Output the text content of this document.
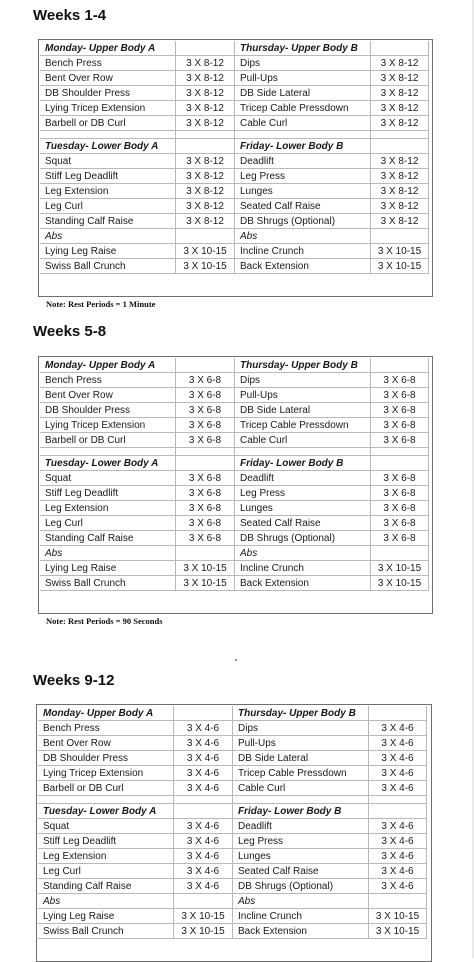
Weeks 1-4
Monday- Upper Body A	Thursday- Upper Body B
Bench Press	3 X 8-12	Dips	3 X 8-12
Bent Over Row	3 X 8-12	Pull-Ups	3 X 8-12
DB Shoulder Press	3 X 8-12	DB Side Lateral	3 X 8-12
Lying Tricep Extension	3 X 8-12	Tricep Cable Pressdown	3 X 8-12
Barbell or DB Curl	3 X 8-12	Cable Curl	3 X 8-12
Tuesday- Lower Body A	Friday- Lower Body B
Squat	3 X 8-12	Deadlift	3 X 8-12
Stiff Leg Deadlift	3 X 8-12	Leg Press	3 X 8-12
Leg Extension	3 X 8-12	Lunges	3 X 8-12
Leg Curl	3 X 8-12	Seated Calf Raise	3 X 8-12
Standing Calf Raise	3 X 8-12	DB Shrugs (Optional)	3 X 8-12
Abs	Abs
Lying Leg Raise	3 X 10-15	Incline Crunch	3 X 10-15
Swiss Ball Crunch	3 X 10-15	Back Extension	3 X 10-15
Note: Rest Periods = 1 Minute
Weeks 5-8
Monday- Upper Body A	Thursday- Upper Body B
Bench Press	3 X 6-8	Dips	3 X 6-8
Bent Over Row	3 X 6-8	Pull-Ups	3 X 6-8
DB Shoulder Press	3 X 6-8	DB Side Lateral	3 X 6-8
Lying Tricep Extension	3 X 6-8	Tricep Cable Pressdown	3 X 6-8
Barbell or DB Curl	3 X 6-8	Cable Curl	3 X 6-8
Tuesday- Lower Body A	Friday- Lower Body B
Squat	3 X 6-8	Deadlift	3 X 6-8
Stiff Leg Deadlift	3 X 6-8	Leg Press	3 X 6-8
Leg Extension	3 X 6-8	Lunges	3 X 6-8
Leg Curl	3 X 6-8	Seated Calf Raise	3 X 6-8
Standing Calf Raise	3 X 6-8	DB Shrugs (Optional)	3 X 6-8
Abs	Abs
Lying Leg Raise	3 X 10-15	Incline Crunch	3 X 10-15
Swiss Ball Crunch	3 X 10-15	Back Extension	3 X 10-15
Note: Rest Periods = 90 Seconds
Weeks 9-12
Monday- Upper Body A	Thursday- Upper Body B
Bench Press	3 X 4-6	Dips	3 X 4-6
Bent Over Row	3 X 4-6	Pull-Ups	3 X 4-6
DB Shoulder Press	3 X 4-6	DB Side Lateral	3 X 4-6
Lying Tricep Extension	3 X 4-6	Tricep Cable Pressdown	3 X 4-6
Barbell or DB Curl	3 X 4-6	Cable Curl	3 X 4-6
Tuesday- Lower Body A	Friday- Lower Body B
Squat	3 X 4-6	Deadlift	3 X 4-6
Stiff Leg Deadlift	3 X 4-6	Leg Press	3 X 4-6
Leg Extension	3 X 4-6	Lunges	3 X 4-6
Leg Curl	3 X 4-6	Seated Calf Raise	3 X 4-6
Standing Calf Raise	3 X 4-6	DB Shrugs (Optional)	3 X 4-6
Abs	Abs
Lying Leg Raise	3 X 10-15	Incline Crunch	3 X 10-15
Swiss Ball Crunch	3 X 10-15	Back Extension	3 X 10-15
